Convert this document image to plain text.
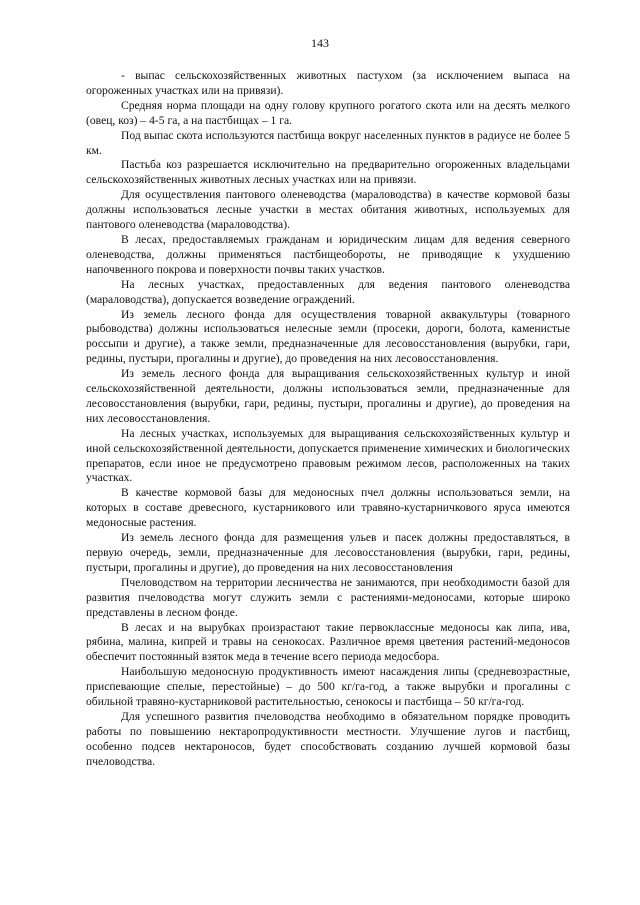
143

- выпас сельскохозяйственных животных пастухом (за исключением выпаса на огороженных участках или на привязи).

Средняя норма площади на одну голову крупного рогатого скота или на десять мелкого (овец, коз) – 4-5 га, а на пастбищах – 1 га.

Под выпас скота используются пастбища вокруг населенных пунктов в радиусе не более 5 км.

Пастьба коз разрешается исключительно на предварительно огороженных владельцами сельскохозяйственных животных лесных участках или на привязи.

Для осуществления пантового оленеводства (мараловодства) в качестве кормовой базы должны использоваться лесные участки в местах обитания животных, используемых для пантового оленеводства (мараловодства).

В лесах, предоставляемых гражданам и юридическим лицам для ведения северного оленеводства, должны применяться пастбищеобороты, не приводящие к ухудшению напочвенного покрова и поверхности почвы таких участков.

На лесных участках, предоставленных для ведения пантового оленеводства (мараловодства), допускается возведение ограждений.

Из земель лесного фонда для осуществления товарной аквакультуры (товарного рыбоводства) должны использоваться нелесные земли (просеки, дороги, болота, каменистые россыпи и другие), а также земли, предназначенные для лесовосстановления (вырубки, гари, редины, пустыри, прогалины и другие), до проведения на них лесовосстановления.

Из земель лесного фонда для выращивания сельскохозяйственных культур и иной сельскохозяйственной деятельности, должны использоваться земли, предназначенные для лесовосстановления (вырубки, гари, редины, пустыри, прогалины и другие), до проведения на них лесовосстановления.

На лесных участках, используемых для выращивания сельскохозяйственных культур и иной сельскохозяйственной деятельности, допускается применение химических и биологических препаратов, если иное не предусмотрено правовым режимом лесов, расположенных на таких участках.

В качестве кормовой базы для медоносных пчел должны использоваться земли, на которых в составе древесного, кустарникового или травяно-кустарничкового яруса имеются медоносные растения.

Из земель лесного фонда для размещения ульев и пасек должны предоставляться, в первую очередь, земли, предназначенные для лесовосстановления (вырубки, гари, редины, пустыри, прогалины и другие), до проведения на них лесовосстановления

Пчеловодством на территории лесничества не занимаются, при необходимости базой для развития пчеловодства могут служить земли с растениями-медоносами, которые широко представлены в лесном фонде.

В лесах и на вырубках произрастают такие первоклассные медоносы как липа, ива, рябина, малина, кипрей и травы на сенокосах. Различное время цветения растений-медоносов обеспечит постоянный взяток меда в течение всего периода медосбора.

Наибольшую медоносную продуктивность имеют насаждения липы (средневозрастные, приспевающие спелые, перестойные) – до 500 кг/га-год, а также вырубки и прогалины с обильной травяно-кустарниковой растительностью, сенокосы и пастбища – 50 кг/га-год.

Для успешного развития пчеловодства необходимо в обязательном порядке проводить работы по повышению нектаропродуктивности местности. Улучшение лугов и пастбищ, особенно подсев нектароносов, будет способствовать созданию лучшей кормовой базы пчеловодства.
